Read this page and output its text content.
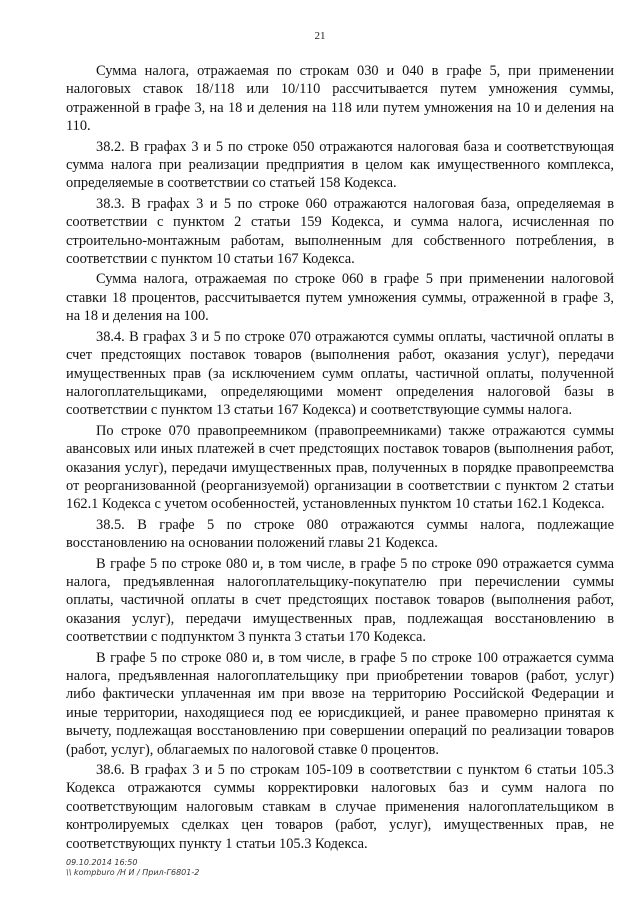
21

Сумма налога, отражаемая по строкам 030 и 040 в графе 5, при применении налоговых ставок 18/118 или 10/110 рассчитывается путем умножения суммы, отраженной в графе 3, на 18 и деления на 118 или путем умножения на 10 и деления на 110.

38.2. В графах 3 и 5 по строке 050 отражаются налоговая база и соответствующая сумма налога при реализации предприятия в целом как имущественного комплекса, определяемые в соответствии со статьей 158 Кодекса.

38.3. В графах 3 и 5 по строке 060 отражаются налоговая база, определяемая в соответствии с пунктом 2 статьи 159 Кодекса, и сумма налога, исчисленная по строительно-монтажным работам, выполненным для собственного потребления, в соответствии с пунктом 10 статьи 167 Кодекса.

Сумма налога, отражаемая по строке 060 в графе 5 при применении налоговой ставки 18 процентов, рассчитывается путем умножения суммы, отраженной в графе 3, на 18 и деления на 100.

38.4. В графах 3 и 5 по строке 070 отражаются суммы оплаты, частичной оплаты в счет предстоящих поставок товаров (выполнения работ, оказания услуг), передачи имущественных прав (за исключением сумм оплаты, частичной оплаты, полученной налогоплательщиками, определяющими момент определения налоговой базы в соответствии с пунктом 13 статьи 167 Кодекса) и соответствующие суммы налога.

По строке 070 правопреемником (правопреемниками) также отражаются суммы авансовых или иных платежей в счет предстоящих поставок товаров (выполнения работ, оказания услуг), передачи имущественных прав, полученных в порядке правопреемства от реорганизованной (реорганизуемой) организации в соответствии с пунктом 2 статьи 162.1 Кодекса с учетом особенностей, установленных пунктом 10 статьи 162.1 Кодекса.

38.5. В графе 5 по строке 080 отражаются суммы налога, подлежащие восстановлению на основании положений главы 21 Кодекса.

В графе 5 по строке 080 и, в том числе, в графе 5 по строке 090 отражается сумма налога, предъявленная налогоплательщику-покупателю при перечислении суммы оплаты, частичной оплаты в счет предстоящих поставок товаров (выполнения работ, оказания услуг), передачи имущественных прав, подлежащая восстановлению в соответствии с подпунктом 3 пункта 3 статьи 170 Кодекса.

В графе 5 по строке 080 и, в том числе, в графе 5 по строке 100 отражается сумма налога, предъявленная налогоплательщику при приобретении товаров (работ, услуг) либо фактически уплаченная им при ввозе на территорию Российской Федерации и иные территории, находящиеся под ее юрисдикцией, и ранее правомерно принятая к вычету, подлежащая восстановлению при совершении операций по реализации товаров (работ, услуг), облагаемых по налоговой ставке 0 процентов.

38.6. В графах 3 и 5 по строкам 105-109 в соответствии с пунктом 6 статьи 105.3 Кодекса отражаются суммы корректировки налоговых баз и сумм налога по соответствующим налоговым ставкам в случае применения налогоплательщиком в контролируемых сделках цен товаров (работ, услуг), имущественных прав, не соответствующих пункту 1 статьи 105.3 Кодекса.

09.10.2014 16:50
\\ kompburo /Н И / Прил-Г6801-2
